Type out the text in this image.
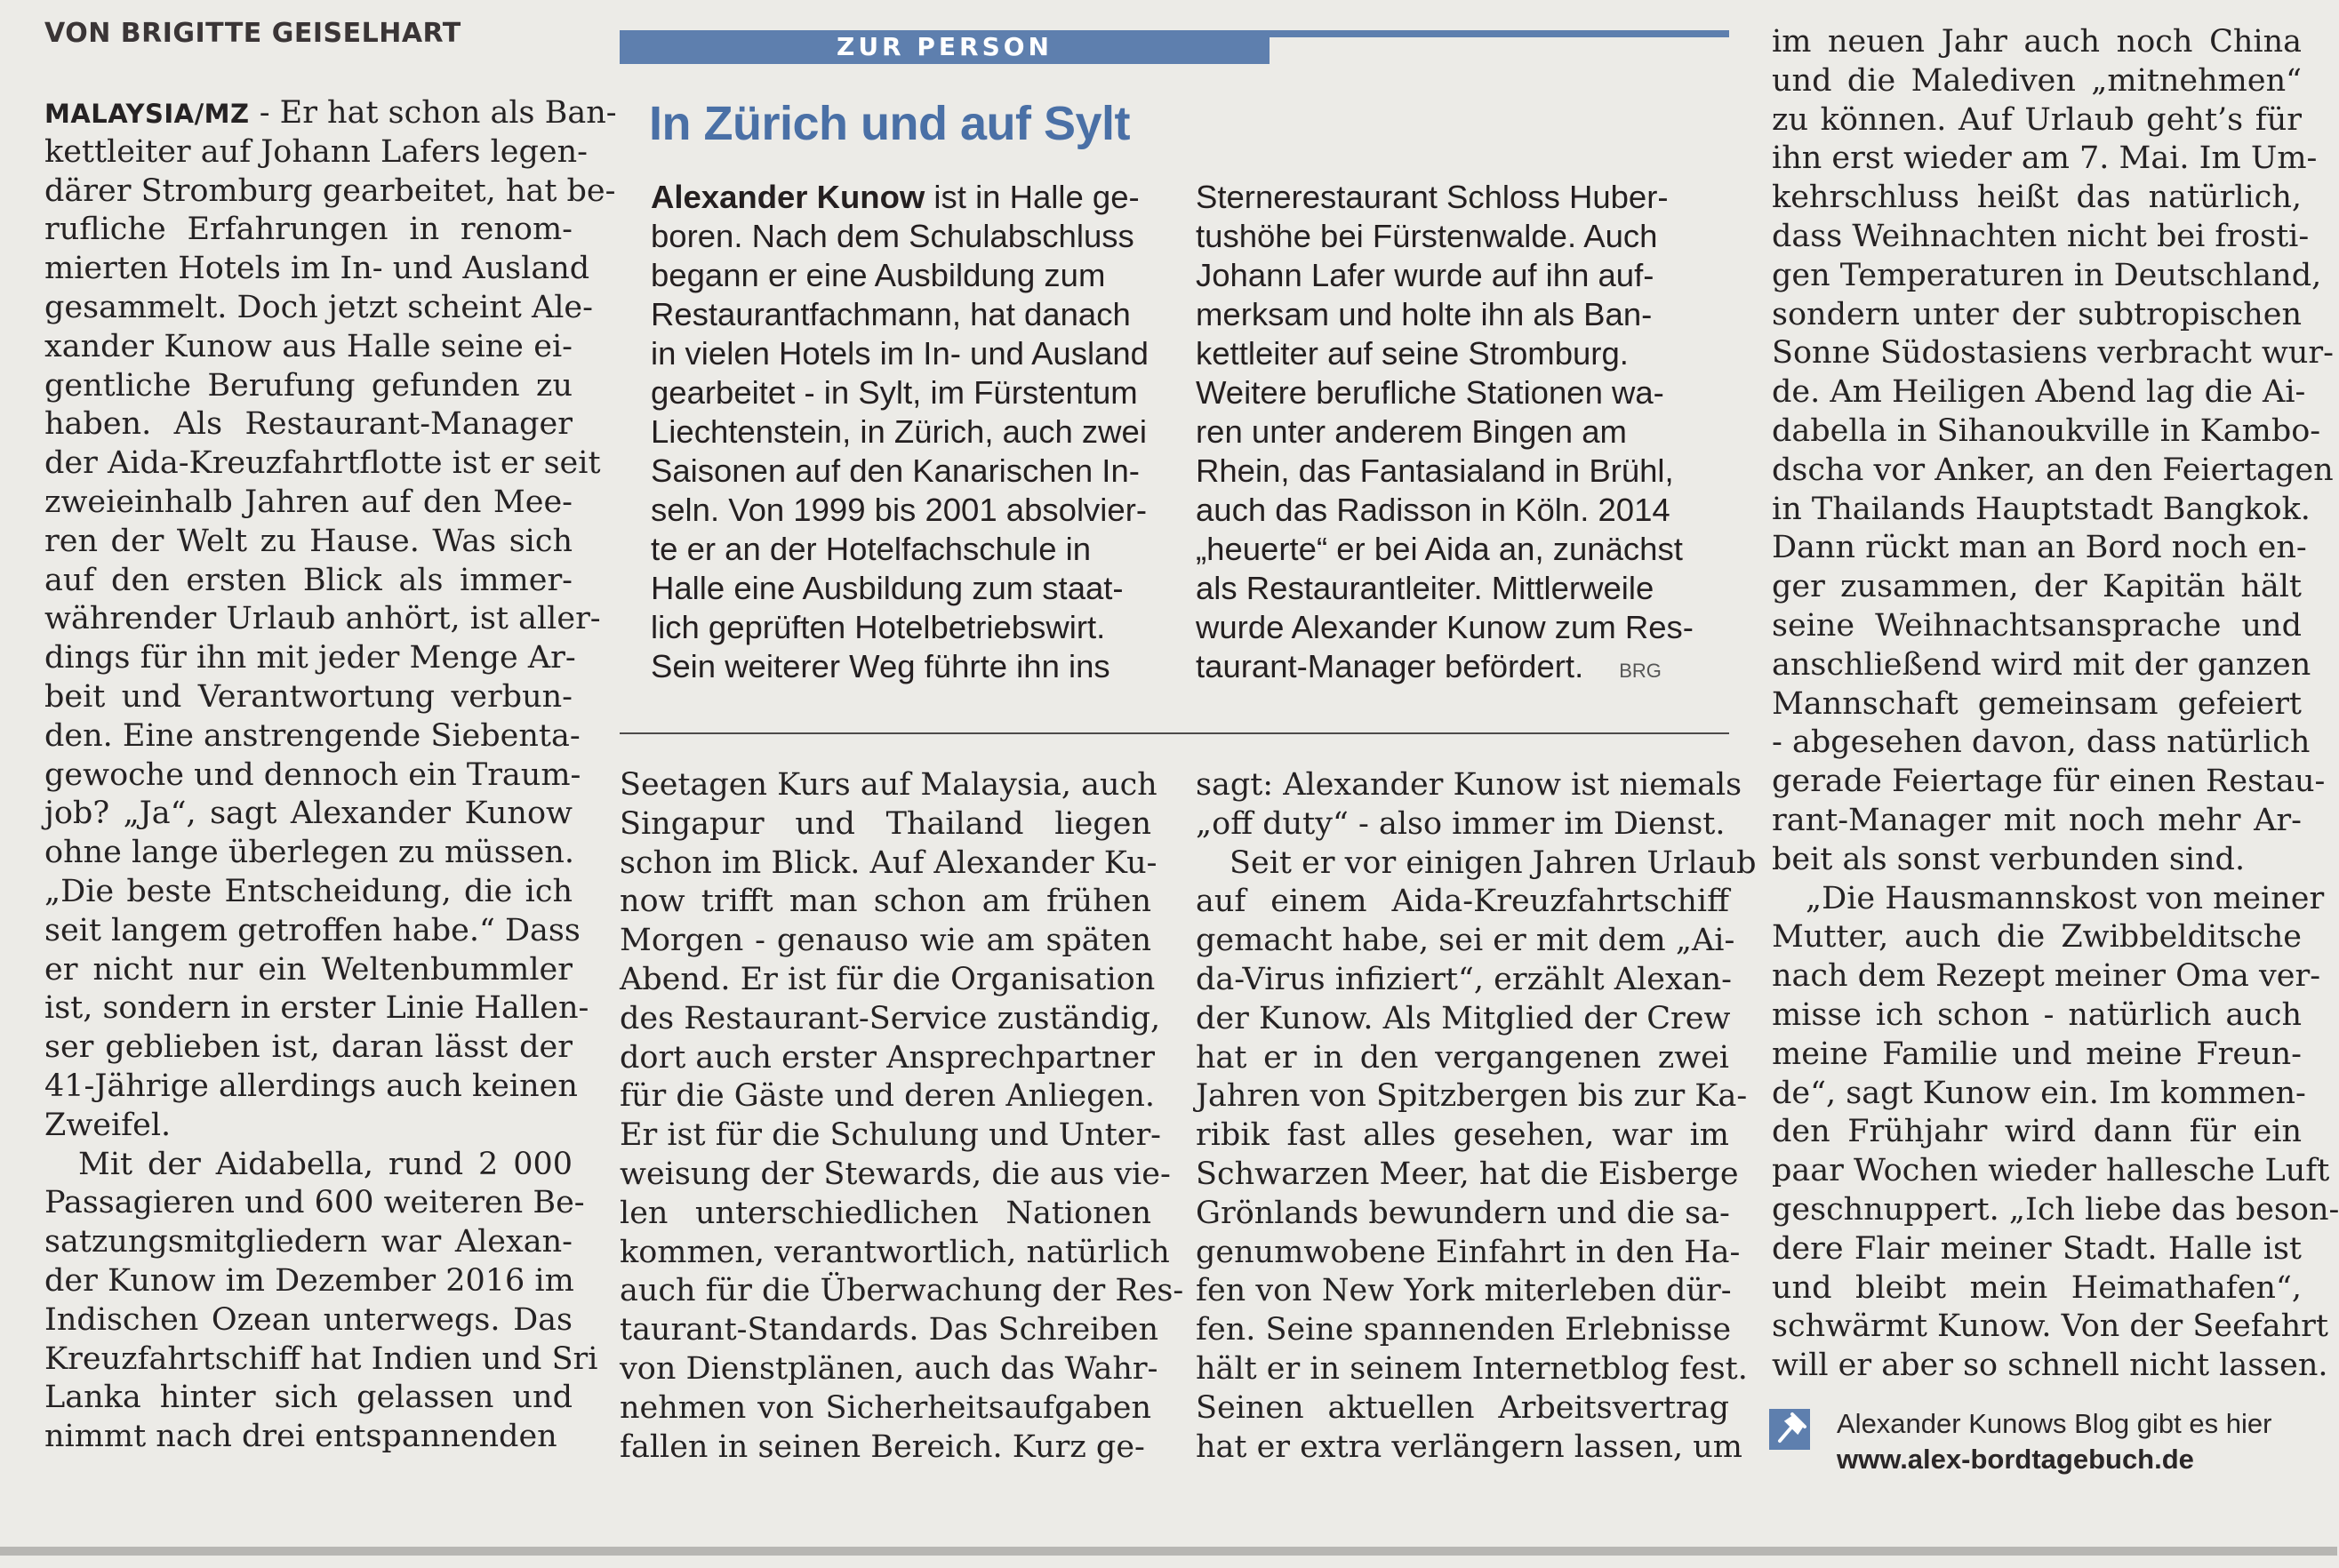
VON BRIGITTE GEISELHART
MALAYSIA/MZ - Er hat schon als Ban-
kettleiter auf Johann Lafers legen-
därer Stromburg gearbeitet, hat be-
rufliche Erfahrungen in renom-
mierten Hotels im In- und Ausland
gesammelt. Doch jetzt scheint Ale-
xander Kunow aus Halle seine ei-
gentliche Berufung gefunden zu
haben. Als Restaurant-Manager
der Aida-Kreuzfahrtflotte ist er seit
zweieinhalb Jahren auf den Mee-
ren der Welt zu Hause. Was sich
auf den ersten Blick als immer-
währender Urlaub anhört, ist aller-
dings für ihn mit jeder Menge Ar-
beit und Verantwortung verbun-
den. Eine anstrengende Siebenta-
gewoche und dennoch ein Traum-
job? „Ja“, sagt Alexander Kunow
ohne lange überlegen zu müssen.
„Die beste Entscheidung, die ich
seit langem getroffen habe.“ Dass
er nicht nur ein Weltenbummler
ist, sondern in erster Linie Hallen-
ser geblieben ist, daran lässt der
41-Jährige allerdings auch keinen
Zweifel.
Mit der Aidabella, rund 2 000
Passagieren und 600 weiteren Be-
satzungsmitgliedern war Alexan-
der Kunow im Dezember 2016 im
Indischen Ozean unterwegs. Das
Kreuzfahrtschiff hat Indien und Sri
Lanka hinter sich gelassen und
nimmt nach drei entspannenden
ZUR PERSON
In Zürich und auf Sylt
Alexander Kunow ist in Halle ge-
boren. Nach dem Schulabschluss
begann er eine Ausbildung zum
Restaurantfachmann, hat danach
in vielen Hotels im In- und Ausland
gearbeitet - in Sylt, im Fürstentum
Liechtenstein, in Zürich, auch zwei
Saisonen auf den Kanarischen In-
seln. Von 1999 bis 2001 absolvier-
te er an der Hotelfachschule in
Halle eine Ausbildung zum staat-
lich geprüften Hotelbetriebswirt.
Sein weiterer Weg führte ihn ins
Sternerestaurant Schloss Huber-
tushöhe bei Fürstenwalde. Auch
Johann Lafer wurde auf ihn auf-
merksam und holte ihn als Ban-
kettleiter auf seine Stromburg.
Weitere berufliche Stationen wa-
ren unter anderem Bingen am
Rhein, das Fantasialand in Brühl,
auch das Radisson in Köln. 2014
„heuerte“ er bei Aida an, zunächst
als Restaurantleiter. Mittlerweile
wurde Alexander Kunow zum Res-
taurant-Manager befördert. BRG
Seetagen Kurs auf Malaysia, auch
Singapur und Thailand liegen
schon im Blick. Auf Alexander Ku-
now trifft man schon am frühen
Morgen - genauso wie am späten
Abend. Er ist für die Organisation
des Restaurant-Service zuständig,
dort auch erster Ansprechpartner
für die Gäste und deren Anliegen.
Er ist für die Schulung und Unter-
weisung der Stewards, die aus vie-
len unterschiedlichen Nationen
kommen, verantwortlich, natürlich
auch für die Überwachung der Res-
taurant-Standards. Das Schreiben
von Dienstplänen, auch das Wahr-
nehmen von Sicherheitsaufgaben
fallen in seinen Bereich. Kurz ge-
sagt: Alexander Kunow ist niemals
„off duty“ - also immer im Dienst.
Seit er vor einigen Jahren Urlaub
auf einem Aida-Kreuzfahrtschiff
gemacht habe, sei er mit dem „Ai-
da-Virus infiziert“, erzählt Alexan-
der Kunow. Als Mitglied der Crew
hat er in den vergangenen zwei
Jahren von Spitzbergen bis zur Ka-
ribik fast alles gesehen, war im
Schwarzen Meer, hat die Eisberge
Grönlands bewundern und die sa-
genumwobene Einfahrt in den Ha-
fen von New York miterleben dür-
fen. Seine spannenden Erlebnisse
hält er in seinem Internetblog fest.
Seinen aktuellen Arbeitsvertrag
hat er extra verlängern lassen, um
im neuen Jahr auch noch China
und die Malediven „mitnehmen“
zu können. Auf Urlaub geht’s für
ihn erst wieder am 7. Mai. Im Um-
kehrschluss heißt das natürlich,
dass Weihnachten nicht bei frosti-
gen Temperaturen in Deutschland,
sondern unter der subtropischen
Sonne Südostasiens verbracht wur-
de. Am Heiligen Abend lag die Ai-
dabella in Sihanoukville in Kambo-
dscha vor Anker, an den Feiertagen
in Thailands Hauptstadt Bangkok.
Dann rückt man an Bord noch en-
ger zusammen, der Kapitän hält
seine Weihnachtsansprache und
anschließend wird mit der ganzen
Mannschaft gemeinsam gefeiert
- abgesehen davon, dass natürlich
gerade Feiertage für einen Restau-
rant-Manager mit noch mehr Ar-
beit als sonst verbunden sind.
„Die Hausmannskost von meiner
Mutter, auch die Zwibbelditsche
nach dem Rezept meiner Oma ver-
misse ich schon - natürlich auch
meine Familie und meine Freun-
de“, sagt Kunow ein. Im kommen-
den Frühjahr wird dann für ein
paar Wochen wieder hallesche Luft
geschnuppert. „Ich liebe das beson-
dere Flair meiner Stadt. Halle ist
und bleibt mein Heimathafen“,
schwärmt Kunow. Von der Seefahrt
will er aber so schnell nicht lassen.
Alexander Kunows Blog gibt es hier
www.alex-bordtagebuch.de
